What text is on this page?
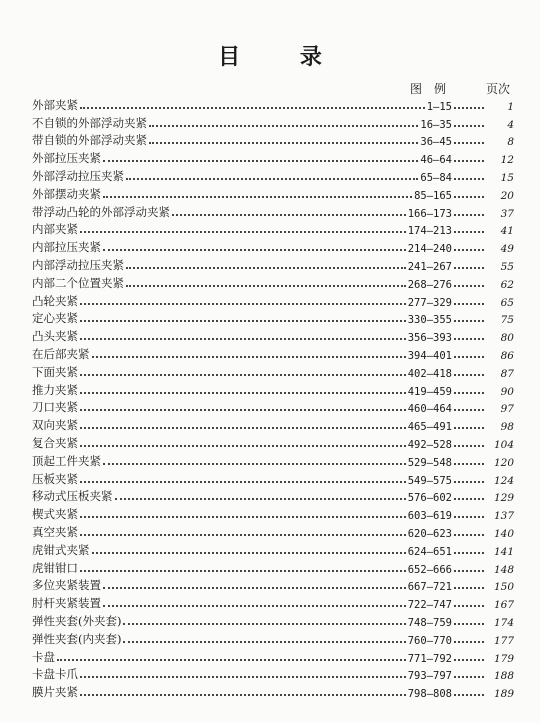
目 录
图例 页次
外部夹紧	1—15	1
不自锁的外部浮动夹紧	16—35	4
带自锁的外部浮动夹紧	36—45	8
外部拉压夹紧	46—64	12
外部浮动拉压夹紧	65—84	15
外部摆动夹紧	85—165	20
带浮动凸轮的外部浮动夹紧	166—173	37
内部夹紧	174—213	41
内部拉压夹紧	214—240	49
内部浮动拉压夹紧	241—267	55
内部二个位置夹紧	268—276	62
凸轮夹紧	277—329	65
定心夹紧	330—355	75
凸头夹紧	356—393	80
在后部夹紧	394—401	86
下面夹紧	402—418	87
推力夹紧	419—459	90
刀口夹紧	460—464	97
双向夹紧	465—491	98
复合夹紧	492—528	104
顶起工件夹紧	529—548	120
压板夹紧	549—575	124
移动式压板夹紧	576—602	129
楔式夹紧	603—619	137
真空夹紧	620—623	140
虎钳式夹紧	624—651	141
虎钳钳口	652—666	148
多位夹紧装置	667—721	150
肘杆夹紧装置	722—747	167
弹性夹套(外夹套)	748—759	174
弹性夹套(内夹套)	760—770	177
卡盘	771—792	179
卡盘卡爪	793—797	188
膜片夹紧	798—808	189
